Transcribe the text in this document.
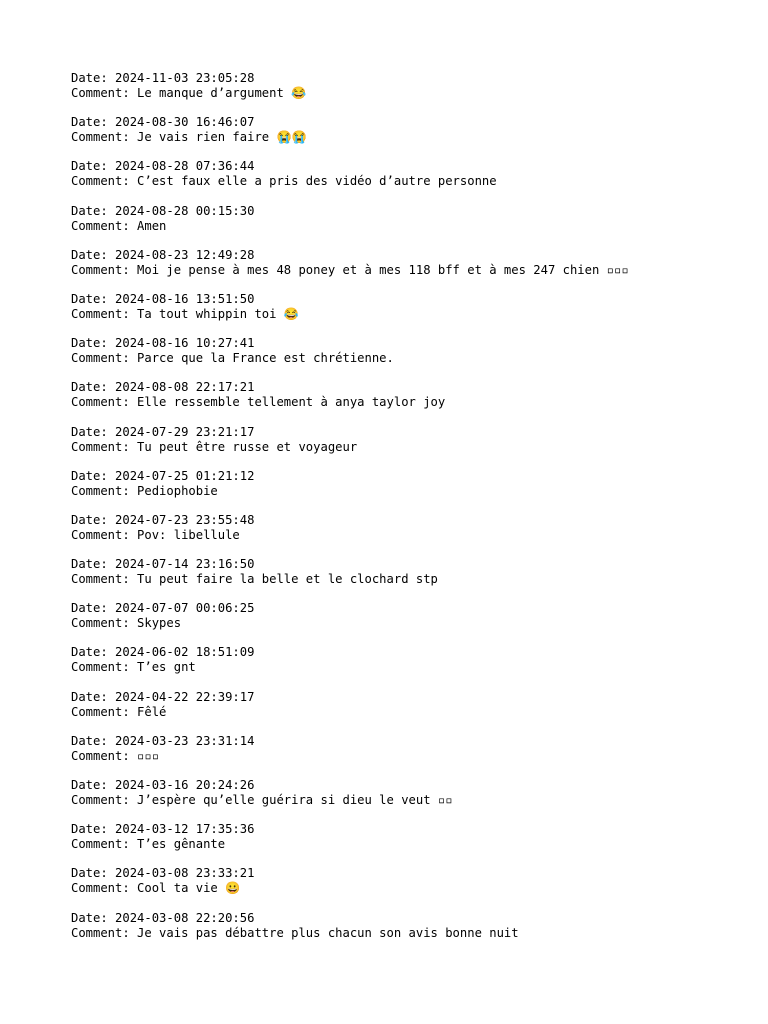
Date: 2024-11-03 23:05:28
Comment: Le manque d’argument 😂
Date: 2024-08-30 16:46:07
Comment: Je vais rien faire 😭😭
Date: 2024-08-28 07:36:44
Comment: C’est faux elle a pris des vidéo d’autre personne
Date: 2024-08-28 00:15:30
Comment: Amen
Date: 2024-08-23 12:49:28
Comment: Moi je pense à mes 48 poney et à mes 118 bff et à mes 247 chien ▫▫▫
Date: 2024-08-16 13:51:50
Comment: Ta tout whippin toi 😂
Date: 2024-08-16 10:27:41
Comment: Parce que la France est chrétienne.
Date: 2024-08-08 22:17:21
Comment: Elle ressemble tellement à anya taylor joy
Date: 2024-07-29 23:21:17
Comment: Tu peut être russe et voyageur
Date: 2024-07-25 01:21:12
Comment: Pediophobie
Date: 2024-07-23 23:55:48
Comment: Pov: libellule
Date: 2024-07-14 23:16:50
Comment: Tu peut faire la belle et le clochard stp
Date: 2024-07-07 00:06:25
Comment: Skypes
Date: 2024-06-02 18:51:09
Comment: T’es gnt
Date: 2024-04-22 22:39:17
Comment: Fêlé
Date: 2024-03-23 23:31:14
Comment: ▫▫▫
Date: 2024-03-16 20:24:26
Comment: J’espère qu’elle guérira si dieu le veut ▫▫
Date: 2024-03-12 17:35:36
Comment: T’es gênante
Date: 2024-03-08 23:33:21
Comment: Cool ta vie 😀
Date: 2024-03-08 22:20:56
Comment: Je vais pas débattre plus chacun son avis bonne nuit
